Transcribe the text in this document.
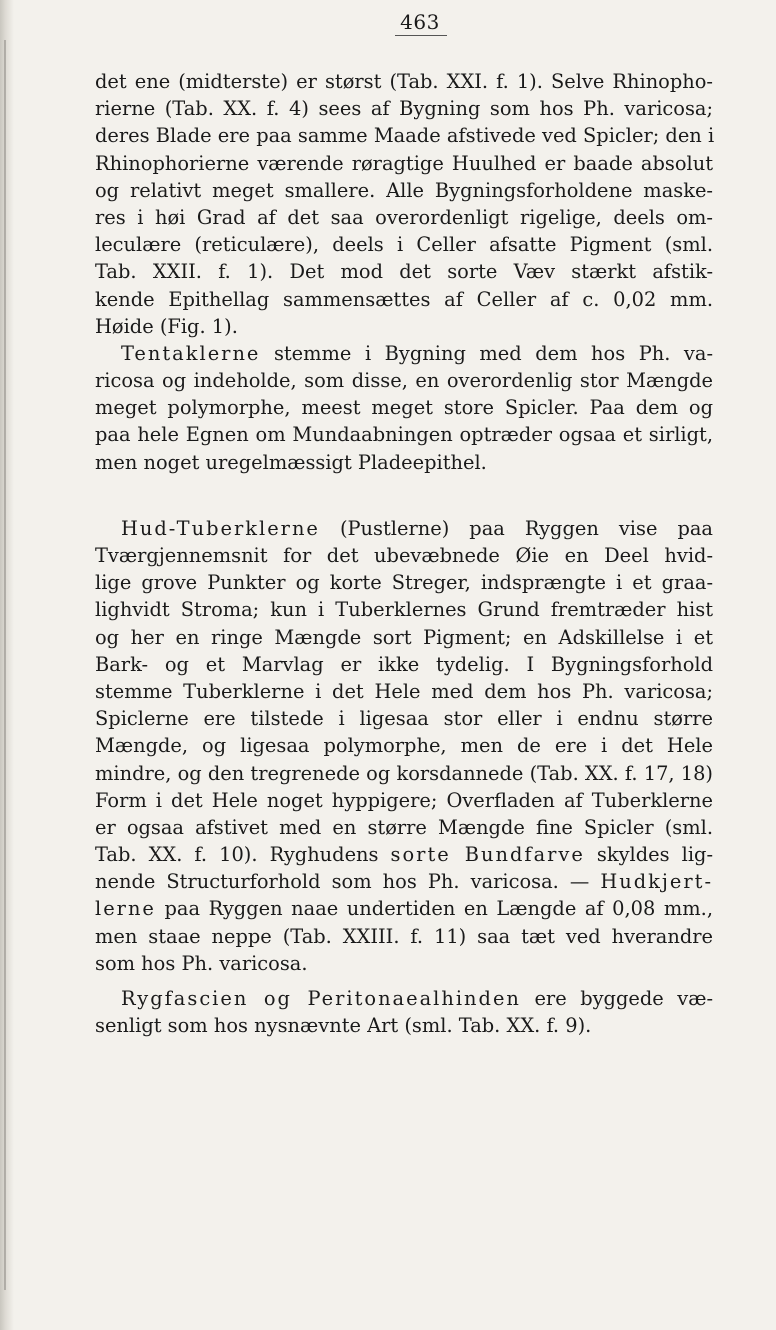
463
det ene (midterste) er størst (Tab. XXI. f. 1). Selve Rhinopho-
rierne (Tab. XX. f. 4) sees af Bygning som hos Ph. varicosa;
deres Blade ere paa samme Maade afstivede ved Spicler; den i
Rhinophorierne værende røragtige Huulhed er baade absolut
og relativt meget smallere. Alle Bygningsforholdene maske-
res i høi Grad af det saa overordenligt rigelige, deels om-
leculære (reticulære), deels i Celler afsatte Pigment (sml.
Tab. XXII. f. 1). Det mod det sorte Væv stærkt afstik-
kende Epithellag sammensættes af Celler af c. 0,02 mm.
Høide (Fig. 1).
Tentaklerne stemme i Bygning med dem hos Ph. va-
ricosa og indeholde, som disse, en overordenlig stor Mængde
meget polymorphe, meest meget store Spicler. Paa dem og
paa hele Egnen om Mundaabningen optræder ogsaa et sirligt,
men noget uregelmæssigt Pladeepithel.
Hud-Tuberklerne (Pustlerne) paa Ryggen vise paa
Tværgjennemsnit for det ubevæbnede Øie en Deel hvid-
lige grove Punkter og korte Streger, indsprængte i et graa-
lighvidt Stroma; kun i Tuberklernes Grund fremtræder hist
og her en ringe Mængde sort Pigment; en Adskillelse i et
Bark- og et Marvlag er ikke tydelig. I Bygningsforhold
stemme Tuberklerne i det Hele med dem hos Ph. varicosa;
Spiclerne ere tilstede i ligesaa stor eller i endnu større
Mængde, og ligesaa polymorphe, men de ere i det Hele
mindre, og den tregrenede og korsdannede (Tab. XX. f. 17, 18)
Form i det Hele noget hyppigere; Overfladen af Tuberklerne
er ogsaa afstivet med en større Mængde fine Spicler (sml.
Tab. XX. f. 10). Ryghudens sorte Bundfarve skyldes lig-
nende Structurforhold som hos Ph. varicosa. — Hudkjert-
lerne paa Ryggen naae undertiden en Længde af 0,08 mm.,
men staae neppe (Tab. XXIII. f. 11) saa tæt ved hverandre
som hos Ph. varicosa.
Rygfascien og Peritonaealhinden ere byggede væ-
senligt som hos nysnævnte Art (sml. Tab. XX. f. 9).
